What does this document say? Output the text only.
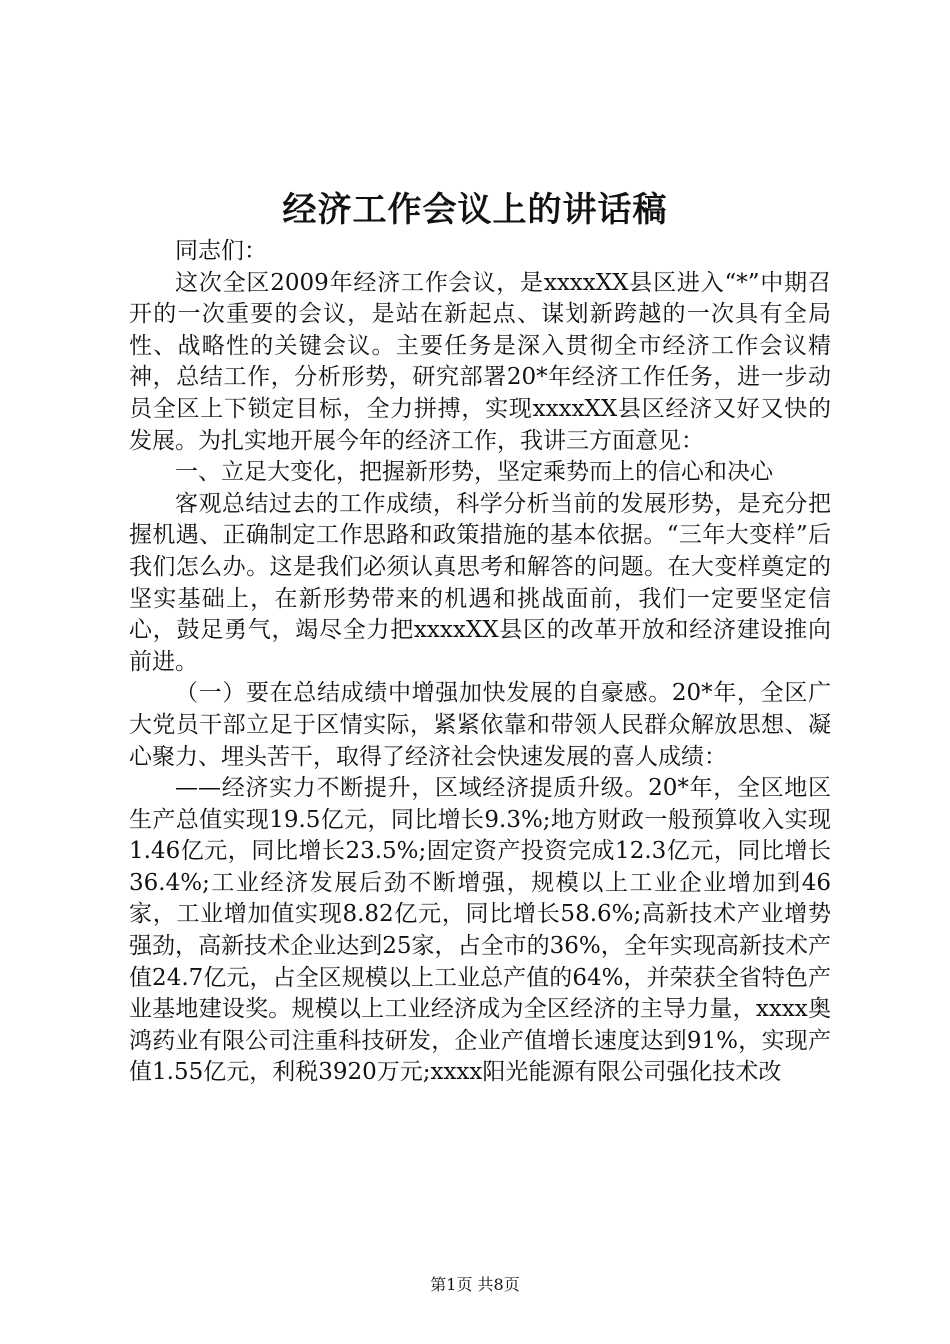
经济工作会议上的讲话稿

同志们：

这次全区2009年经济工作会议，是xxxxXX县区进入“*”中期召开的一次重要的会议，是站在新起点、谋划新跨越的一次具有全局性、战略性的关键会议。主要任务是深入贯彻全市经济工作会议精神，总结工作，分析形势，研究部署20*年经济工作任务，进一步动员全区上下锁定目标，全力拼搏，实现xxxxXX县区经济又好又快的发展。为扎实地开展今年的经济工作，我讲三方面意见：

一、立足大变化，把握新形势，坚定乘势而上的信心和决心

客观总结过去的工作成绩，科学分析当前的发展形势，是充分把握机遇、正确制定工作思路和政策措施的基本依据。“三年大变样”后我们怎么办。这是我们必须认真思考和解答的问题。在大变样奠定的坚实基础上，在新形势带来的机遇和挑战面前，我们一定要坚定信心，鼓足勇气，竭尽全力把xxxxXX县区的改革开放和经济建设推向前进。

（一）要在总结成绩中增强加快发展的自豪感。20*年，全区广大党员干部立足于区情实际，紧紧依靠和带领人民群众解放思想、凝心聚力、埋头苦干，取得了经济社会快速发展的喜人成绩：

——经济实力不断提升，区域经济提质升级。20*年，全区地区生产总值实现19.5亿元，同比增长9.3%;地方财政一般预算收入实现1.46亿元，同比增长23.5%;固定资产投资完成12.3亿元，同比增长36.4%;工业经济发展后劲不断增强，规模以上工业企业增加到46家，工业增加值实现8.82亿元，同比增长58.6%;高新技术产业增势强劲，高新技术企业达到25家，占全市的36%，全年实现高新技术产值24.7亿元，占全区规模以上工业总产值的64%，并荣获全省特色产业基地建设奖。规模以上工业经济成为全区经济的主导力量，xxxx奥鸿药业有限公司注重科技研发，企业产值增长速度达到91%，实现产值1.55亿元，利税3920万元;xxxx阳光能源有限公司强化技术改

第1页 共8页
